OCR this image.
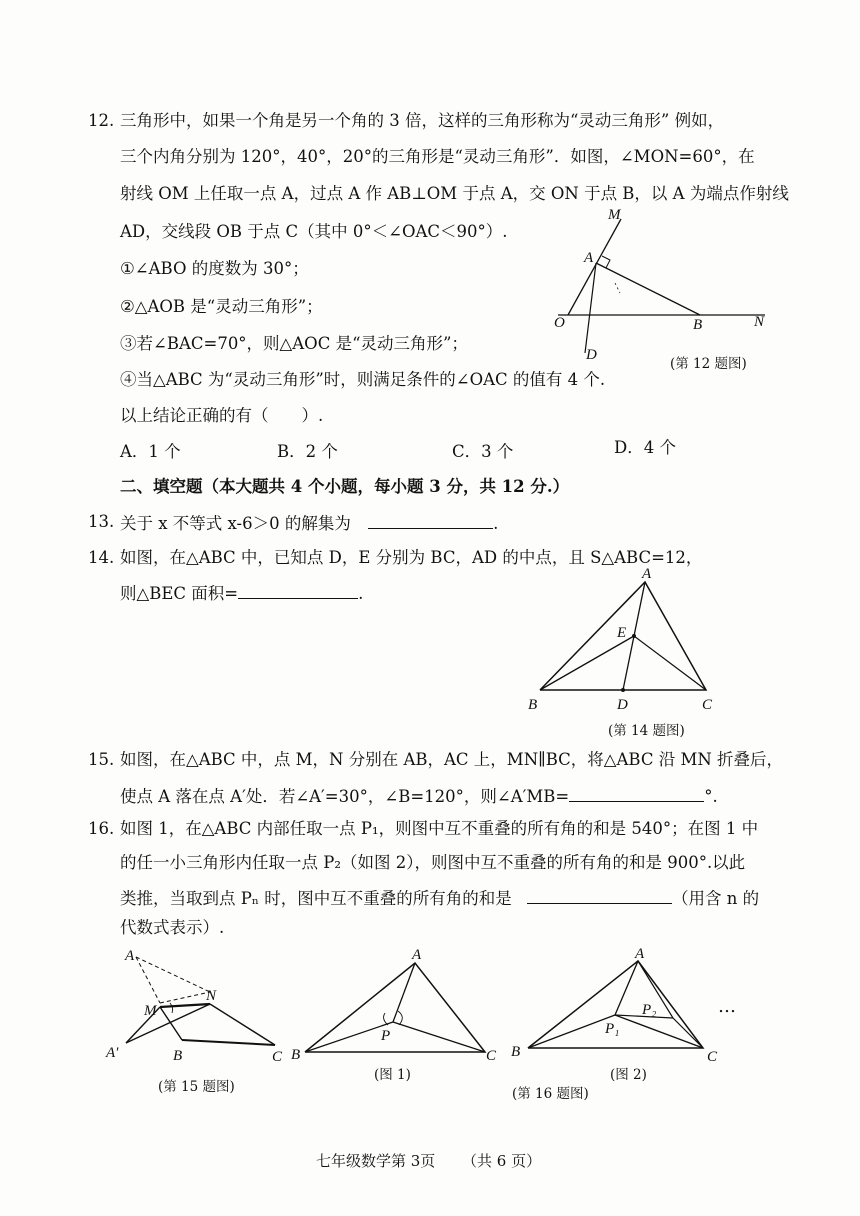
12. 三角形中，如果一个角是另一个角的 3 倍，这样的三角形称为“灵动三角形” 例如，
三个内角分别为 120°，40°，20°的三角形是“灵动三角形”．如图，∠MON=60°，在
射线 OM 上任取一点 A，过点 A 作 AB⊥OM 于点 A，交 ON 于点 B，以 A 为端点作射线
AD，交线段 OB 于点 C（其中 0°＜∠OAC＜90°）.
①∠ABO 的度数为 30°；
②△AOB 是“灵动三角形”；
③若∠BAC=70°，则△AOC 是“灵动三角形”；
④当△ABC 为“灵动三角形”时，则满足条件的∠OAC 的值有 4 个.
以上结论正确的有（　　）.
A．1 个	B．2 个	C．3 个	D．4 个
M
A
O	B	N
D
(第 12 题图)
二、填空题（本大题共 4 个小题，每小题 3 分，共 12 分.）
13. 关于 x 不等式 x-6＞0 的解集为	.
14. 如图，在△ABC 中，已知点 D，E 分别为 BC，AD 的中点，且 S△ABC=12，
则△BEC 面积=	.
A
E
B	D	C
(第 14 题图)
15. 如图，在△ABC 中，点 M，N 分别在 AB，AC 上，MN∥BC，将△ABC 沿 MN 折叠后，
使点 A 落在点 A′处．若∠A′=30°，∠B=120°，则∠A′MB=	°.
16. 如图 1，在△ABC 内部任取一点 P₁，则图中互不重叠的所有角的和是 540°；在图 1 中
的任一小三角形内任取一点 P₂（如图 2），则图中互不重叠的所有角的和是 900°.以此
类推，当取到点 Pₙ 时，图中互不重叠的所有角的和是	（用含 n 的
代数式表示）.
A
N
M
A′	B	C
(第 15 题图)
A
P
B	C
(图 1)
A
P₂
P₁
B	C
…
(图 2)
(第 16 题图)
七年级数学第 3页 （共 6 页）
